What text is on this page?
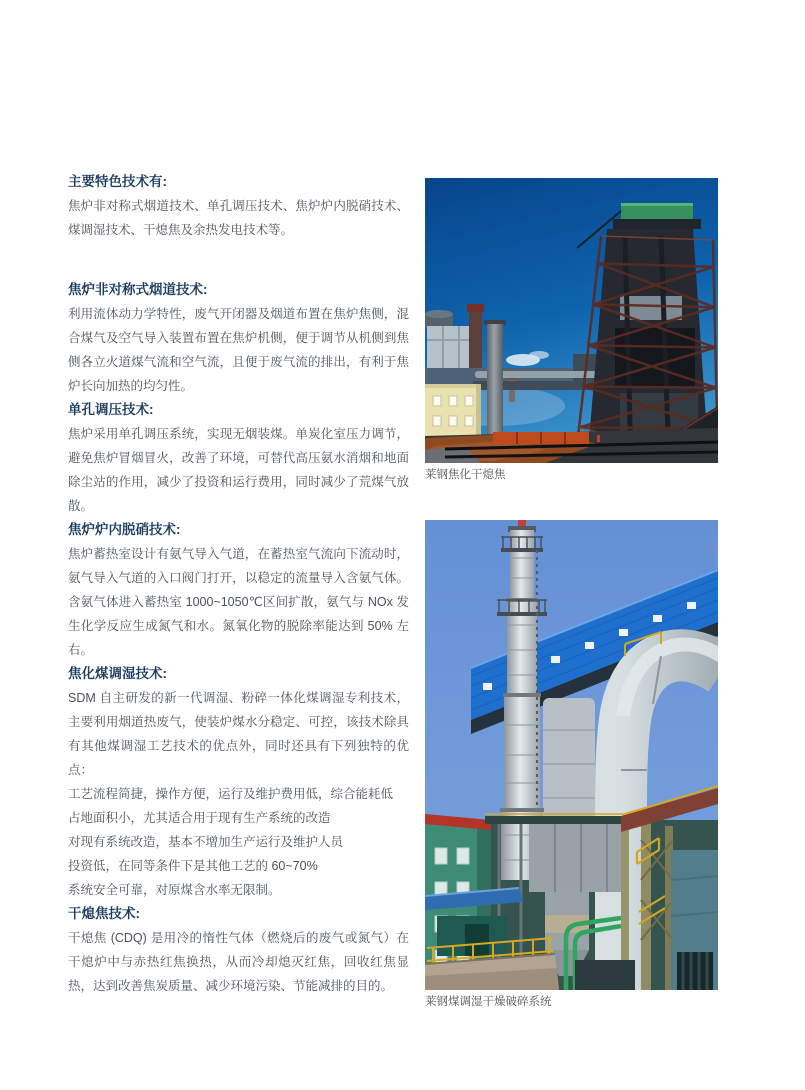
主要特色技术有:

焦炉非对称式烟道技术、单孔调压技术、焦炉炉内脱硝技术、煤调湿技术、干熄焦及余热发电技术等。

焦炉非对称式烟道技术:

利用流体动力学特性，废气开闭器及烟道布置在焦炉焦侧，混合煤气及空气导入装置布置在焦炉机侧，便于调节从机侧到焦侧各立火道煤气流和空气流，且便于废气流的排出，有利于焦炉长向加热的均匀性。

单孔调压技术:

焦炉采用单孔调压系统，实现无烟装煤。单炭化室压力调节，避免焦炉冒烟冒火，改善了环境，可替代高压氨水消烟和地面除尘站的作用，减少了投资和运行费用，同时减少了荒煤气放散。

焦炉炉内脱硝技术:

焦炉蓄热室设计有氨气导入气道，在蓄热室气流向下流动时，氨气导入气道的入口阀门打开，以稳定的流量导入含氨气体。含氨气体进入蓄热室 1000~1050℃区间扩散，氨气与 NOx 发生化学反应生成氮气和水。氮氧化物的脱除率能达到 50% 左右。

焦化煤调湿技术:

SDM 自主研发的新一代调湿、粉碎一体化煤调湿专利技术，主要利用烟道热废气，使装炉煤水分稳定、可控，该技术除具有其他煤调湿工艺技术的优点外，同时还具有下列独特的优点：

工艺流程简捷，操作方便，运行及维护费用低，综合能耗低

占地面积小，尤其适合用于现有生产系统的改造

对现有系统改造，基本不增加生产运行及维护人员

投资低，在同等条件下是其他工艺的 60~70%

系统安全可靠，对原煤含水率无限制。

干熄焦技术:

干熄焦 (CDQ) 是用冷的惰性气体（燃烧后的废气或氮气）在干熄炉中与赤热红焦换热，从而冷却熄灭红焦，回收红焦显热，达到改善焦炭质量、减少环境污染、节能减排的目的。

莱钢焦化干熄焦
莱钢煤调湿干燥破碎系统
